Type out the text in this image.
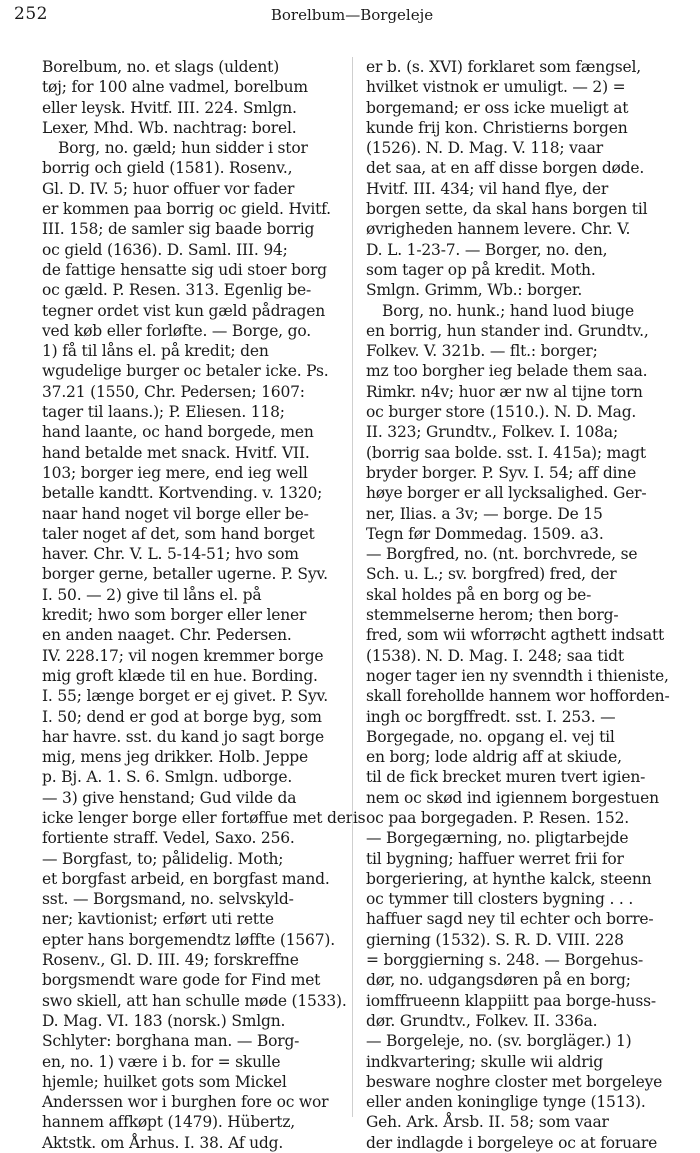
252	Borelbum—Borgeleje
Borelbum, no. et slags (uldent)
tøj; for 100 alne vadmel, borelbum
eller leysk. Hvitf. III. 224. Smlgn.
Lexer, Mhd. Wb. nachtrag: borel.
Borg, no. gæld; hun sidder i stor
borrig och gield (1581). Rosenv.,
Gl. D. IV. 5; huor offuer vor fader
er kommen paa borrig oc gield. Hvitf.
III. 158; de samler sig baade borrig
oc gield (1636). D. Saml. III. 94;
de fattige hensatte sig udi stoer borg
oc gæld. P. Resen. 313. Egenlig be-
tegner ordet vist kun gæld pådragen
ved køb eller forløfte. — Borge, go.
1) få til låns el. på kredit; den
wgudelige burger oc betaler icke. Ps.
37.21 (1550, Chr. Pedersen; 1607:
tager til laans.); P. Eliesen. 118;
hand laante, oc hand borgede, men
hand betalde met snack. Hvitf. VII.
103; borger ieg mere, end ieg well
betalle kandtt. Kortvending. v. 1320;
naar hand noget vil borge eller be-
taler noget af det, som hand borget
haver. Chr. V. L. 5-14-51; hvo som
borger gerne, betaller ugerne. P. Syv.
I. 50. — 2) give til låns el. på
kredit; hwo som borger eller lener
en anden naaget. Chr. Pedersen.
IV. 228.17; vil nogen kremmer borge
mig groft klæde til en hue. Bording.
I. 55; længe borget er ej givet. P. Syv.
I. 50; dend er god at borge byg, som
har havre. sst. du kand jo sagt borge
mig, mens jeg drikker. Holb. Jeppe
p. Bj. A. 1. S. 6. Smlgn. udborge.
— 3) give henstand; Gud vilde da
icke lenger borge eller fortøffue met deris
fortiente straff. Vedel, Saxo. 256.
— Borgfast, to; pålidelig. Moth;
et borgfast arbeid, en borgfast mand.
sst. — Borgsmand, no. selvskyld-
ner; kavtionist; erført uti rette
epter hans borgemendtz løffte (1567).
Rosenv., Gl. D. III. 49; forskreffne
borgsmendt ware gode for Find met
swo skiell, att han schulle møde (1533).
D. Mag. VI. 183 (norsk.) Smlgn.
Schlyter: borghana man. — Borg-
en, no. 1) være i b. for = skulle
hjemle; huilket gots som Mickel
Anderssen wor i burghen fore oc wor
hannem affkøpt (1479). Hübertz,
Aktstk. om Århus. I. 38. Af udg.
er b. (s. XVI) forklaret som fængsel,
hvilket vistnok er umuligt. — 2) =
borgemand; er oss icke mueligt at
kunde frij kon. Christierns borgen
(1526). N. D. Mag. V. 118; vaar
det saa, at en aff disse borgen døde.
Hvitf. III. 434; vil hand flye, der
borgen sette, da skal hans borgen til
øvrigheden hannem levere. Chr. V.
D. L. 1-23-7. — Borger, no. den,
som tager op på kredit. Moth.
Smlgn. Grimm, Wb.: borger.
Borg, no. hunk.; hand luod biuge
en borrig, hun stander ind. Grundtv.,
Folkev. V. 321b. — flt.: borger;
mz too borgher ieg belade them saa.
Rimkr. n4v; huor ær nw al tijne torn
oc burger store (1510.). N. D. Mag.
II. 323; Grundtv., Folkev. I. 108a;
(borrig saa bolde. sst. I. 415a); magt
bryder borger. P. Syv. I. 54; aff dine
høye borger er all lycksalighed. Ger-
ner, Ilias. a 3v; — borge. De 15
Tegn før Dommedag. 1509. a3.
— Borgfred, no. (nt. borchvrede, se
Sch. u. L.; sv. borgfred) fred, der
skal holdes på en borg og be-
stemmelserne herom; then borg-
fred, som wii wforrøcht agthett indsatt
(1538). N. D. Mag. I. 248; saa tidt
noger tager ien ny svenndth i thieniste,
skall forehollde hannem wor hofforden-
ingh oc borgffredt. sst. I. 253. —
Borgegade, no. opgang el. vej til
en borg; lode aldrig aff at skiude,
til de fick brecket muren tvert igien-
nem oc skød ind igiennem borgestuen
oc paa borgegaden. P. Resen. 152.
— Borgegærning, no. pligtarbejde
til bygning; haffuer werret frii for
borgeriering, at hynthe kalck, steenn
oc tymmer till closters bygning . . .
haffuer sagd ney til echter och borre-
gierning (1532). S. R. D. VIII. 228
= borggierning s. 248. — Borgehus-
dør, no. udgangsdøren på en borg;
iomffrueenn klappiitt paa borge-huss-
dør. Grundtv., Folkev. II. 336a.
— Borgeleje, no. (sv. borgläger.) 1)
indkvartering; skulle wii aldrig
besware noghre closter met borgeleye
eller anden koninglige tynge (1513).
Geh. Ark. Årsb. II. 58; som vaar
der indlagde i borgeleye oc at foruare
